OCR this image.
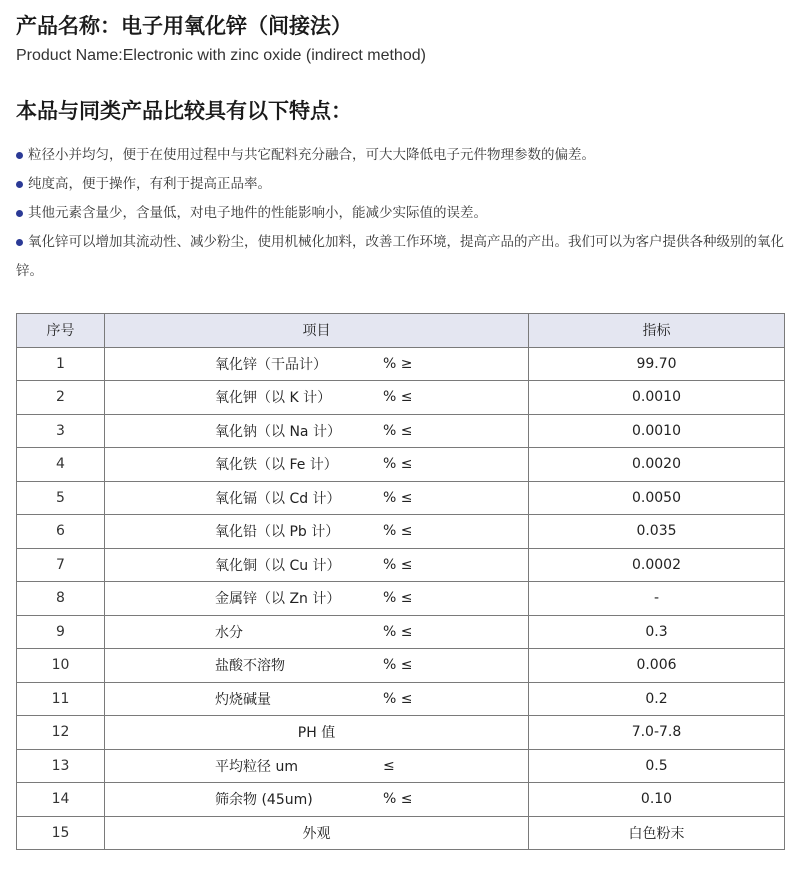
产品名称：电子用氧化锌（间接法）

Product Name:Electronic with zinc oxide (indirect method)

本品与同类产品比较具有以下特点：
粒径小并均匀，便于在使用过程中与共它配料充分融合，可大大降低电子元件物理参数的偏差。
纯度高，便于操作，有利于提高正品率。
其他元素含量少，含量低，对电子地件的性能影响小，能减少实际值的误差。
氧化锌可以增加其流动性、减少粉尘，使用机械化加料，改善工作环境，提高产品的产出。我们可以为客户提供各种级别的氧化锌。
序号	项目	指标
1	氧化锌（干品计） % ≥	99.70
2	氧化钾（以 K 计） % ≤	0.0010
3	氧化钠（以 Na 计） % ≤	0.0010
4	氧化铁（以 Fe 计） % ≤	0.0020
5	氧化镉（以 Cd 计） % ≤	0.0050
6	氧化铅（以 Pb 计） % ≤	0.035
7	氧化铜（以 Cu 计） % ≤	0.0002
8	金属锌（以 Zn 计） % ≤	-
9	水分 % ≤	0.3
10	盐酸不溶物 % ≤	0.006
11	灼烧碱量 % ≤	0.2
12	PH 值	7.0-7.8
13	平均粒径 um ≤	0.5
14	筛余物 (45um) % ≤	0.10
15	外观	白色粉末
